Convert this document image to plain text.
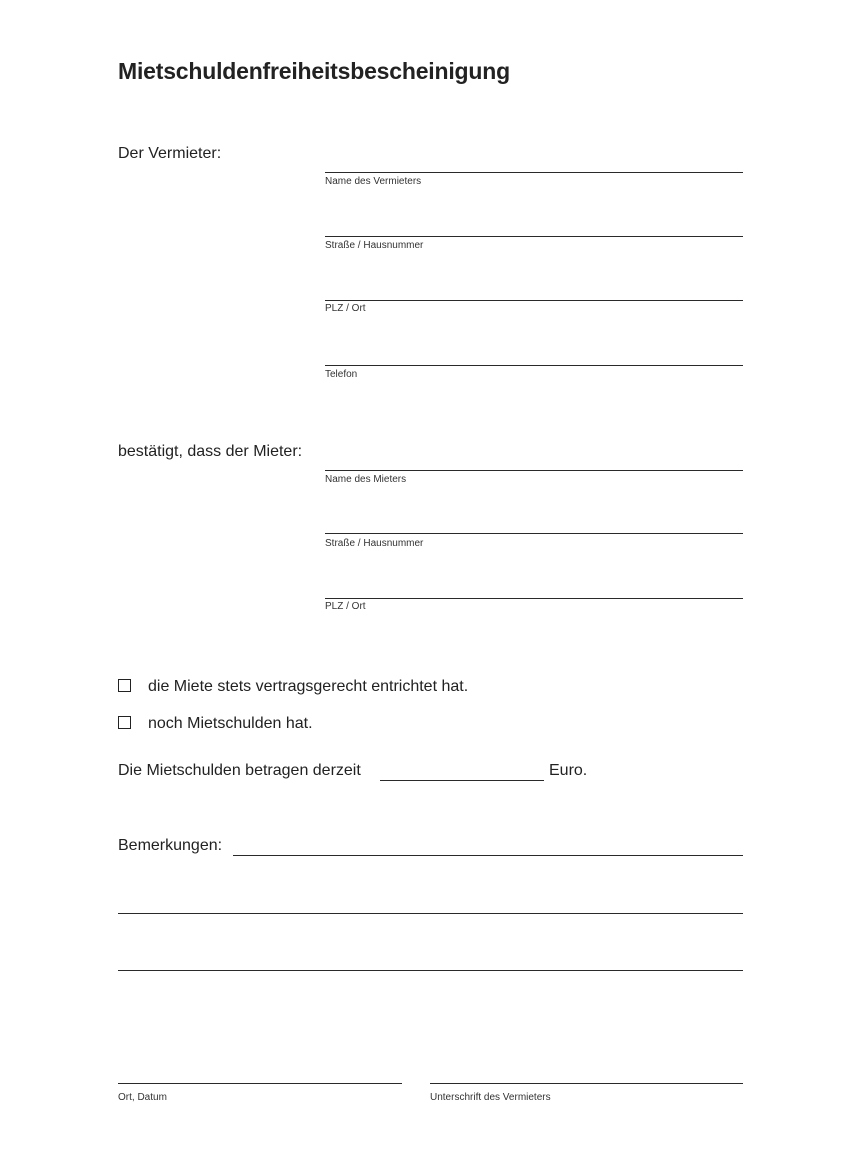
Mietschuldenfreiheitsbescheinigung
Der Vermieter:
Name des Vermieters
Straße / Hausnummer
PLZ / Ort
Telefon
bestätigt, dass der Mieter:
Name des Mieters
Straße / Hausnummer
PLZ / Ort
die Miete stets vertragsgerecht entrichtet hat.
noch Mietschulden hat.
Die Mietschulden betragen derzeit	Euro.
Bemerkungen:
Ort, Datum	Unterschrift des Vermieters
